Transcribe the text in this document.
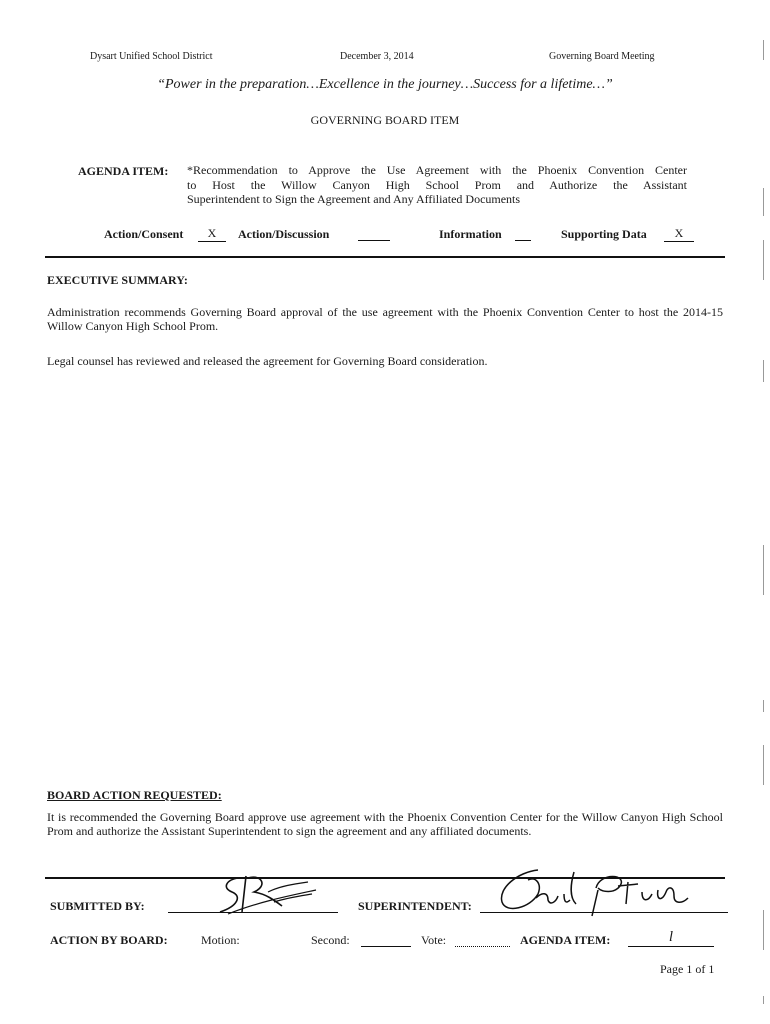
Dysart Unified School District	December 3, 2014	Governing Board Meeting
“Power in the preparation…Excellence in the journey…Success for a lifetime…”
GOVERNING BOARD ITEM
AGENDA ITEM: *Recommendation to Approve the Use Agreement with the Phoenix Convention Center
to Host the Willow Canyon High School Prom and Authorize the Assistant
Superintendent to Sign the Agreement and Any Affiliated Documents
Action/Consent	X	Action/Discussion	Information	Supporting Data	X
EXECUTIVE SUMMARY:
Administration recommends Governing Board approval of the use agreement with the Phoenix Convention Center to host the 2014-15 Willow Canyon High School Prom.
Legal counsel has reviewed and released the agreement for Governing Board consideration.
BOARD ACTION REQUESTED:
It is recommended the Governing Board approve use agreement with the Phoenix Convention Center for the Willow Canyon High School Prom and authorize the Assistant Superintendent to sign the agreement and any affiliated documents.
SUBMITTED BY:	SUPERINTENDENT:
ACTION BY BOARD:	Motion:	Second:	Vote:	AGENDA ITEM:	l
Page 1 of 1
